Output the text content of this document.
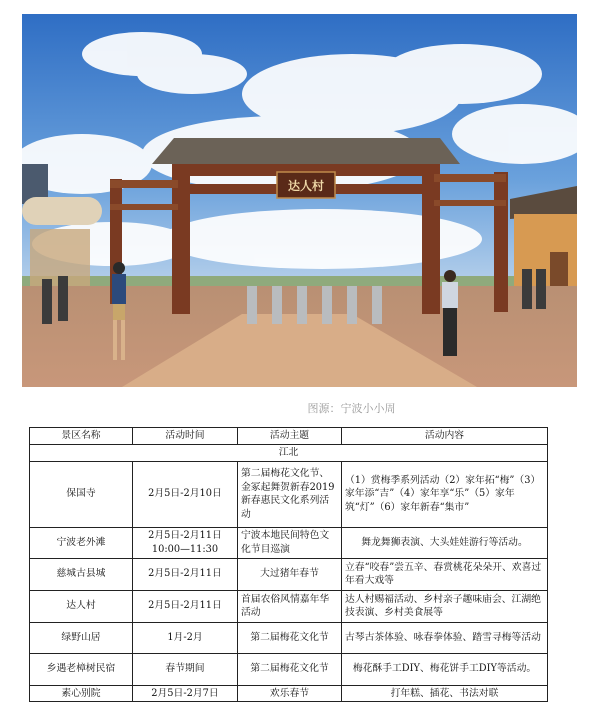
达人村
图源：宁波小小周
景区名称	活动时间	活动主题	活动内容
江北			
保国寺	2月5日-2月10日	第二届梅花文化节、金冢起舞贺新春2019新春惠民文化系列活动	（1）赏梅季系列活动（2）家年拓“梅”（3）家年添“吉”（4）家年享“乐”（5）家年筑“灯”（6）家年新春“集市”
宁波老外滩	2月5日-2月11日10:00—11:30	宁波本地民间特色文化节目巡演	舞龙舞狮表演、大头娃娃游行等活动。
慈城古县城	2月5日-2月11日	大过猪年春节	立春“咬春”尝五辛、春赏桃花朵朵开、欢喜过年看大戏等
达人村	2月5日-2月11日	首届农俗风情嘉年华活动	达人村赐福活动、乡村亲子趣味庙会、江湖绝技表演、乡村美食展等
绿野山居	1月-2月	第二届梅花文化节	古琴古茶体验、咏春拳体验、踏雪寻梅等活动
乡遇老樟树民宿	春节期间	第二届梅花文化节	梅花酥手工DIY、梅花饼手工DIY等活动。
素心别院	2月5日-2月7日	欢乐春节	打年糕、插花、书法对联
